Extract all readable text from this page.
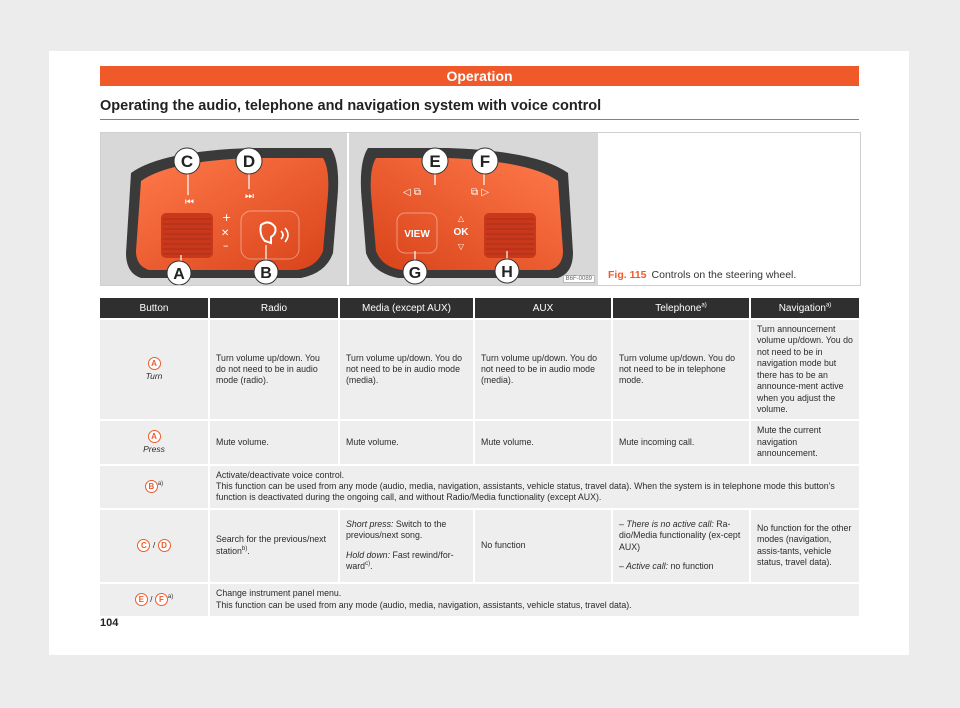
Operation
Operating the audio, telephone and navigation system with voice control
+
✕
–
⏮
⏭
C	D
A	B
VIEW
△
OK
▽
◁ ⧉	⧉ ▷
E F
G	H	B6F-0089 Fig. 115 Controls on the steering wheel.
Button	Radio	Media (except AUX)	AUX	Telephone$^{a)}$	Navigation$^{a)}$
A
Turn	Turn volume up/down. You do not need to be in audio mode (radio).	Turn volume up/down. You do not need to be in audio mode (media).	Turn volume up/down. You do not need to be in audio mode (media).	Turn volume up/down. You do not need to be in telephone mode.	Turn announcement volume up/down. You do not need to be in navigation mode but there has to be an announce-ment active when you adjust the volume.
A
Press	Mute volume.	Mute volume.	Mute volume.	Mute incoming call.	Mute the current navigation announcement.
B $^{a)}$	Activate/deactivate voice control.
This function can be used from any mode (audio, media, navigation, assistants, vehicle status, travel data). When the system is in telephone mode this button's function is deactivated during the ongoing call, and without Radio/Media functionality (except AUX).				

C / D	Search for the previous/next station$^{b)}$.	Short press: Switch to the previous/next song.
Hold down: Fast rewind/for-ward$^{c)}$.	No function	– There is no active call: Ra-dio/Media functionality (ex-cept AUX)
– Active call: no function	No function for the other modes (navigation, assis-tants, vehicle status, travel data).
E / F $^{a)}$	Change instrument panel menu.
This function can be used from any mode (audio, media, navigation, assistants, vehicle status, travel data).				
104
